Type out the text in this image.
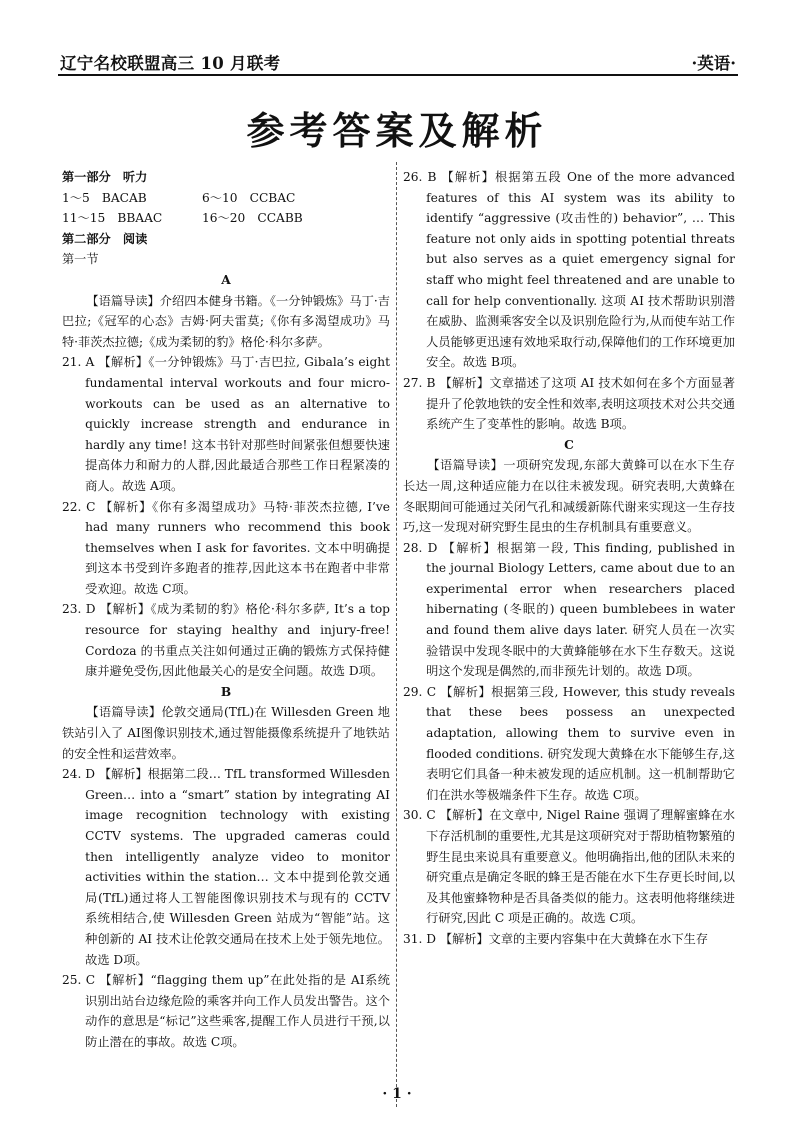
辽宁名校联盟高三 10 月联考	·英语·
参考答案及解析

第一部分　听力

1～5　BACAB	6～10　CCBAC
11～15　BBAAC	16～20　CCABB

第二部分　阅读

第一节

A

【语篇导读】介绍四本健身书籍。《一分钟锻炼》马丁·吉巴拉;《冠军的心态》吉姆·阿夫雷莫;《你有多渴望成功》马特·菲茨杰拉德;《成为柔韧的豹》格伦·科尔多萨。

21. A 【解析】《一分钟锻炼》马丁·吉巴拉, Gibala’s eight fundamental interval workouts and four micro-workouts can be used as an alternative to quickly increase strength and endurance in hardly any time! 这本书针对那些时间紧张但想要快速提高体力和耐力的人群,因此最适合那些工作日程紧凑的商人。故选 A项。

22. C 【解析】《你有多渴望成功》马特·菲茨杰拉德, I’ve had many runners who recommend this book themselves when I ask for favorites. 文本中明确提到这本书受到许多跑者的推荐,因此这本书在跑者中非常受欢迎。故选 C项。

23. D 【解析】《成为柔韧的豹》格伦·科尔多萨, It’s a top resource for staying healthy and injury-free! Cordoza 的书重点关注如何通过正确的锻炼方式保持健康并避免受伤,因此他最关心的是安全问题。故选 D项。

B

【语篇导读】伦敦交通局(TfL)在 Willesden Green 地铁站引入了 AI图像识别技术,通过智能摄像系统提升了地铁站的安全性和运营效率。

24. D 【解析】根据第二段… TfL transformed Willesden Green… into a “smart” station by integrating AI image recognition technology with existing CCTV systems. The upgraded cameras could then intelligently analyze video to monitor activities within the station… 文本中提到伦敦交通局(TfL)通过将人工智能图像识别技术与现有的 CCTV 系统相结合,使 Willesden Green 站成为“智能”站。这种创新的 AI 技术让伦敦交通局在技术上处于领先地位。故选 D项。

25. C 【解析】“flagging them up”在此处指的是 AI系统识别出站台边缘危险的乘客并向工作人员发出警告。这个动作的意思是“标记”这些乘客,提醒工作人员进行干预,以防止潜在的事故。故选 C项。

26. B 【解析】根据第五段 One of the more advanced features of this AI system was its ability to identify “aggressive (攻击性的) behavior”, … This feature not only aids in spotting potential threats but also serves as a quiet emergency signal for staff who might feel threatened and are unable to call for help conventionally. 这项 AI 技术帮助识别潜在威胁、监测乘客安全以及识别危险行为,从而使车站工作人员能够更迅速有效地采取行动,保障他们的工作环境更加安全。故选 B项。

27. B 【解析】文章描述了这项 AI 技术如何在多个方面显著提升了伦敦地铁的安全性和效率,表明这项技术对公共交通系统产生了变革性的影响。故选 B项。

C

【语篇导读】一项研究发现,东部大黄蜂可以在水下生存长达一周,这种适应能力在以往未被发现。研究表明,大黄蜂在冬眠期间可能通过关闭气孔和减缓新陈代谢来实现这一生存技巧,这一发现对研究野生昆虫的生存机制具有重要意义。

28. D 【解析】根据第一段, This finding, published in the journal Biology Letters, came about due to an experimental error when researchers placed hibernating (冬眠的) queen bumblebees in water and found them alive days later. 研究人员在一次实验错误中发现冬眠中的大黄蜂能够在水下生存数天。这说明这个发现是偶然的,而非预先计划的。故选 D项。

29. C 【解析】根据第三段, However, this study reveals that these bees possess an unexpected adaptation, allowing them to survive even in flooded conditions. 研究发现大黄蜂在水下能够生存,这表明它们具备一种未被发现的适应机制。这一机制帮助它们在洪水等极端条件下生存。故选 C项。

30. C 【解析】在文章中, Nigel Raine 强调了理解蜜蜂在水下存活机制的重要性,尤其是这项研究对于帮助植物繁殖的野生昆虫来说具有重要意义。他明确指出,他的团队未来的研究重点是确定冬眠的蜂王是否能在水下生存更长时间,以及其他蜜蜂物种是否具备类似的能力。这表明他将继续进行研究,因此 C 项是正确的。故选 C项。

31. D 【解析】文章的主要内容集中在大黄蜂在水下生存

· 1 ·
